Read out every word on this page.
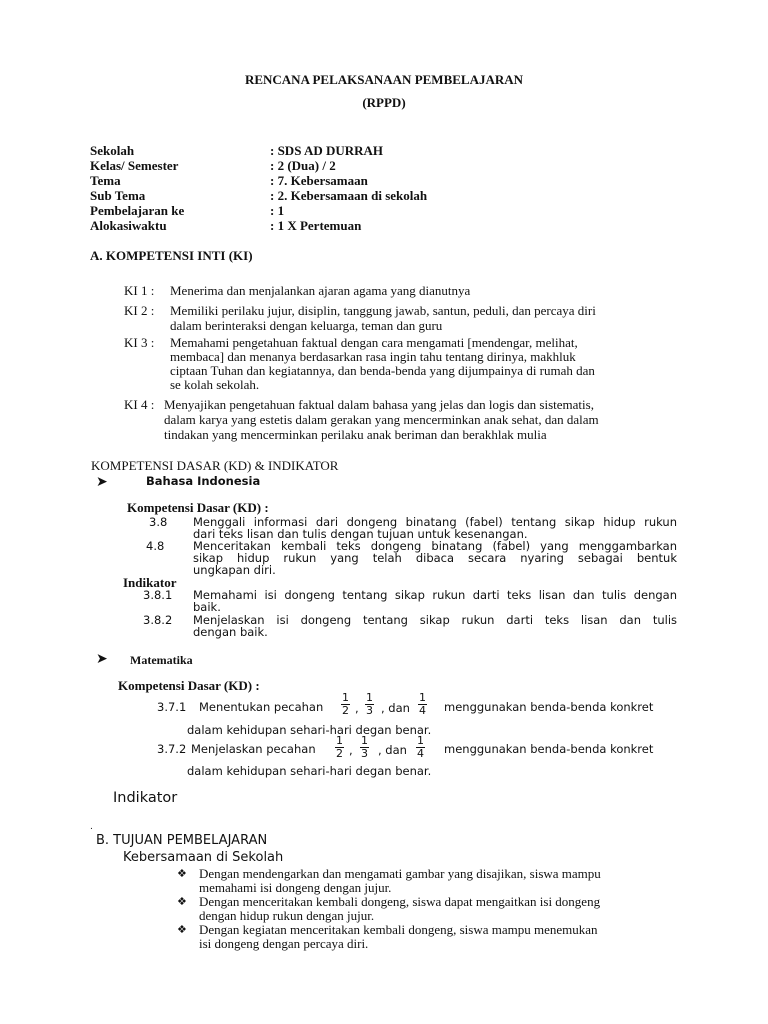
RENCANA PELAKSANAAN PEMBELAJARAN
(RPPD)
Sekolah	: SDS AD DURRAH
Kelas/ Semester	: 2 (Dua) / 2
Tema	: 7. Kebersamaan
Sub Tema	: 2. Kebersamaan di sekolah
Pembelajaran ke	: 1
Alokasiwaktu	: 1 X Pertemuan
A. KOMPETENSI INTI (KI)
KI 1 : Menerima dan menjalankan ajaran agama yang dianutnya
KI 2 : Memiliki perilaku jujur, disiplin, tanggung jawab, santun, peduli, dan percaya diri
dalam berinteraksi dengan keluarga, teman dan guru
KI 3 : Memahami pengetahuan faktual dengan cara mengamati [mendengar, melihat,
membaca] dan menanya berdasarkan rasa ingin tahu tentang dirinya, makhluk
ciptaan Tuhan dan kegiatannya, dan benda-benda yang dijumpainya di rumah dan
se kolah sekolah.
KI 4 : Menyajikan pengetahuan faktual dalam bahasa yang jelas dan logis dan sistematis,
dalam karya yang estetis dalam gerakan yang mencerminkan anak sehat, dan dalam
tindakan yang mencerminkan perilaku anak beriman dan berakhlak mulia
KOMPETENSI DASAR (KD) & INDIKATOR
➤	Bahasa Indonesia
Kompetensi Dasar (KD) :
3.8 Menggali informasi dari dongeng binatang (fabel) tentang sikap hidup rukun
dari teks lisan dan tulis dengan tujuan untuk kesenangan.
4.8 Menceritakan kembali teks dongeng binatang (fabel) yang menggambarkan
sikap hidup rukun yang telah dibaca secara nyaring sebagai bentuk
ungkapan diri.
Indikator
3.8.1 Memahami isi dongeng tentang sikap rukun darti teks lisan dan tulis dengan
baik.
3.8.2 Menjelaskan isi dongeng tentang sikap rukun darti teks lisan dan tulis
dengan baik.
➤ Matematika
Kompetensi Dasar (KD) :
3.7.1 Menentukan pecahan $\frac{1}{2}$ , $\frac{1}{3}$ , dan $\frac{1}{4}$ menggunakan benda-benda konkret
dalam kehidupan sehari-hari degan benar.
3.7.2 Menjelaskan pecahan $\frac{1}{2}$ , $\frac{1}{3}$ , dan $\frac{1}{4}$ menggunakan benda-benda konkret
dalam kehidupan sehari-hari degan benar.
Indikator
.
B. TUJUAN PEMBELAJARAN
Kebersamaan di Sekolah
❖ Dengan mendengarkan dan mengamati gambar yang disajikan, siswa mampu
memahami isi dongeng dengan jujur.
❖ Dengan menceritakan kembali dongeng, siswa dapat mengaitkan isi dongeng
dengan hidup rukun dengan jujur.
❖ Dengan kegiatan menceritakan kembali dongeng, siswa mampu menemukan
isi dongeng dengan percaya diri.
